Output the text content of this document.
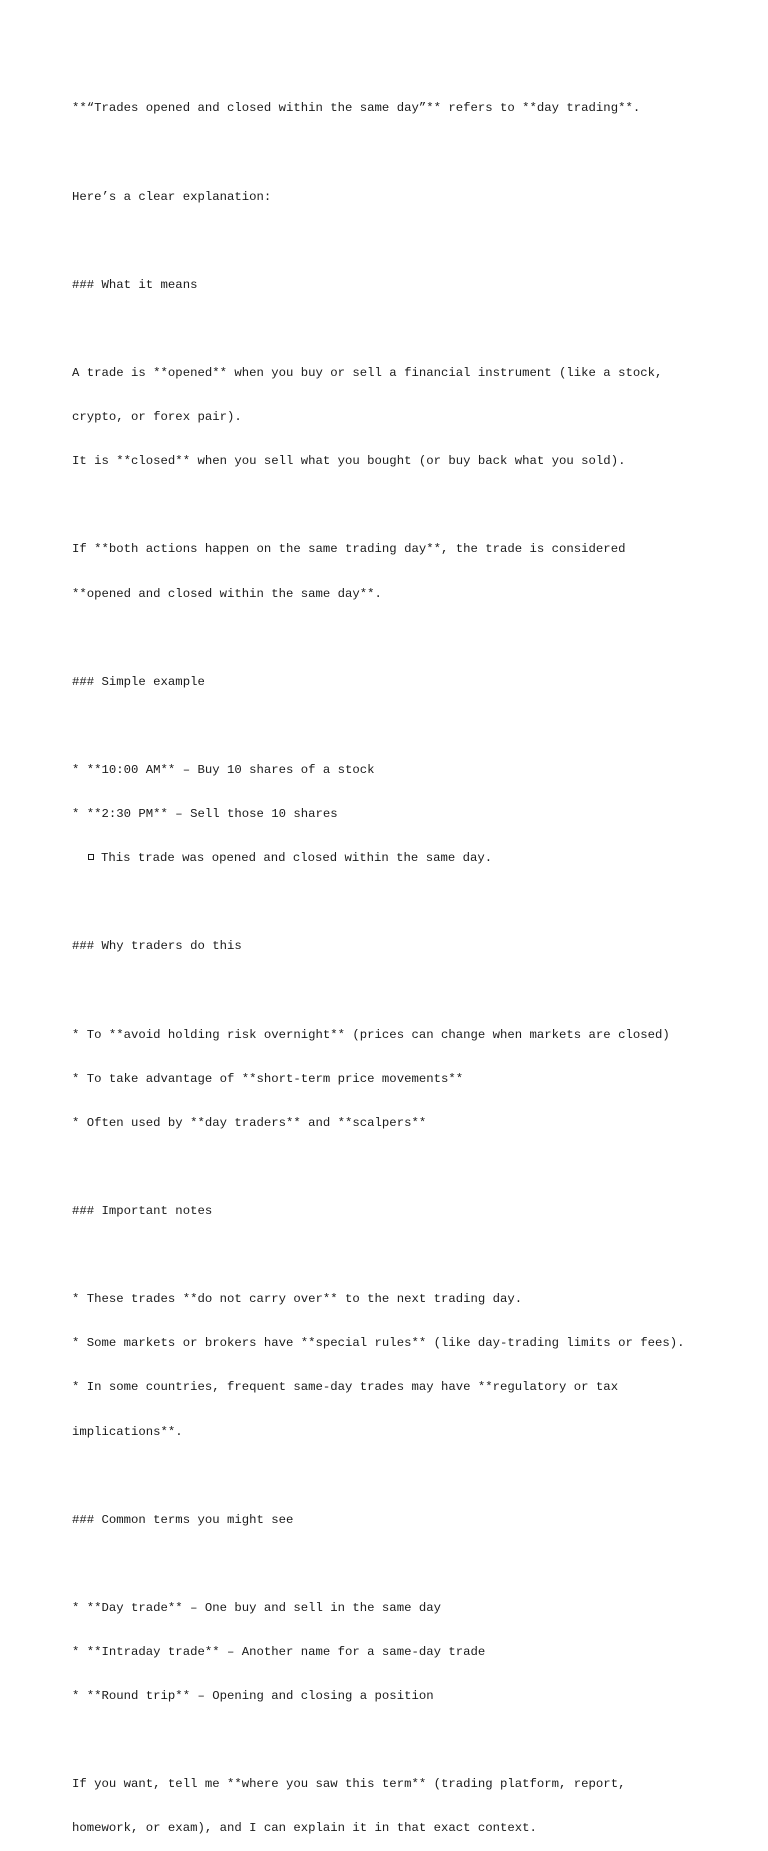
**“Trades opened and closed within the same day”** refers to **day trading**.

Here’s a clear explanation:

### What it means

A trade is **opened** when you buy or sell a financial instrument (like a stock,

crypto, or forex pair).

It is **closed** when you sell what you bought (or buy back what you sold).

If **both actions happen on the same trading day**, the trade is considered

**opened and closed within the same day**.

### Simple example

* **10:00 AM** – Buy 10 shares of a stock

* **2:30 PM** – Sell those 10 shares

This trade was opened and closed within the same day.

### Why traders do this

* To **avoid holding risk overnight** (prices can change when markets are closed)

* To take advantage of **short-term price movements**

* Often used by **day traders** and **scalpers**

### Important notes

* These trades **do not carry over** to the next trading day.

* Some markets or brokers have **special rules** (like day-trading limits or fees).

* In some countries, frequent same-day trades may have **regulatory or tax

implications**.

### Common terms you might see

* **Day trade** – One buy and sell in the same day

* **Intraday trade** – Another name for a same-day trade

* **Round trip** – Opening and closing a position

If you want, tell me **where you saw this term** (trading platform, report,

homework, or exam), and I can explain it in that exact context.
